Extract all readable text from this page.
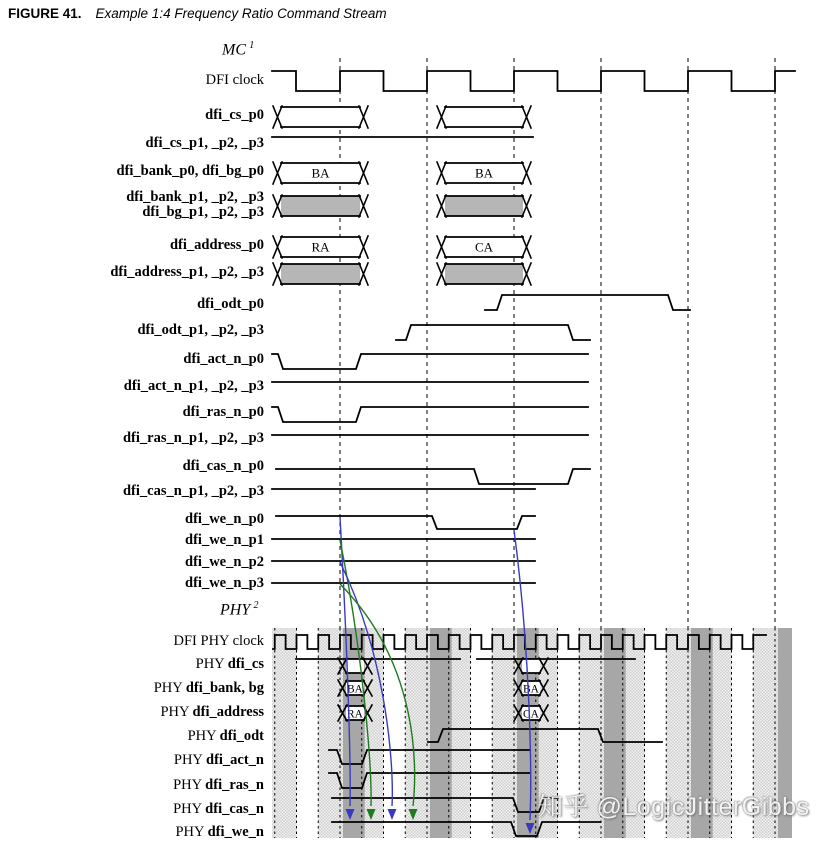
FIGURE 41. Example 1:4 Frequency Ratio Command Stream
MC  $^1$
PHY  $^2$
BA	BA
RA	CA
BA	BA
RA	CA
DFI clock
dfi_cs_p0
dfi_cs_p1, _p2, _p3
dfi_bank_p0, dfi_bg_p0
dfi_bank_p1, _p2, _p3
dfi_bg_p1, _p2, _p3
dfi_address_p0
dfi_address_p1, _p2, _p3
dfi_odt_p0
dfi_odt_p1, _p2, _p3
dfi_act_n_p0
dfi_act_n_p1, _p2, _p3
dfi_ras_n_p0
dfi_ras_n_p1, _p2, _p3
dfi_cas_n_p0
dfi_cas_n_p1, _p2, _p3
dfi_we_n_p0
dfi_we_n_p1
dfi_we_n_p2
dfi_we_n_p3
DFI PHY clock
PHY dfi_cs
PHY dfi_bank, bg
PHY dfi_address
PHY dfi_odt
PHY dfi_act_n
PHY dfi_ras_n
PHY dfi_cas_n
PHY dfi_we_n
知乎 @LogicJitterGibbs
